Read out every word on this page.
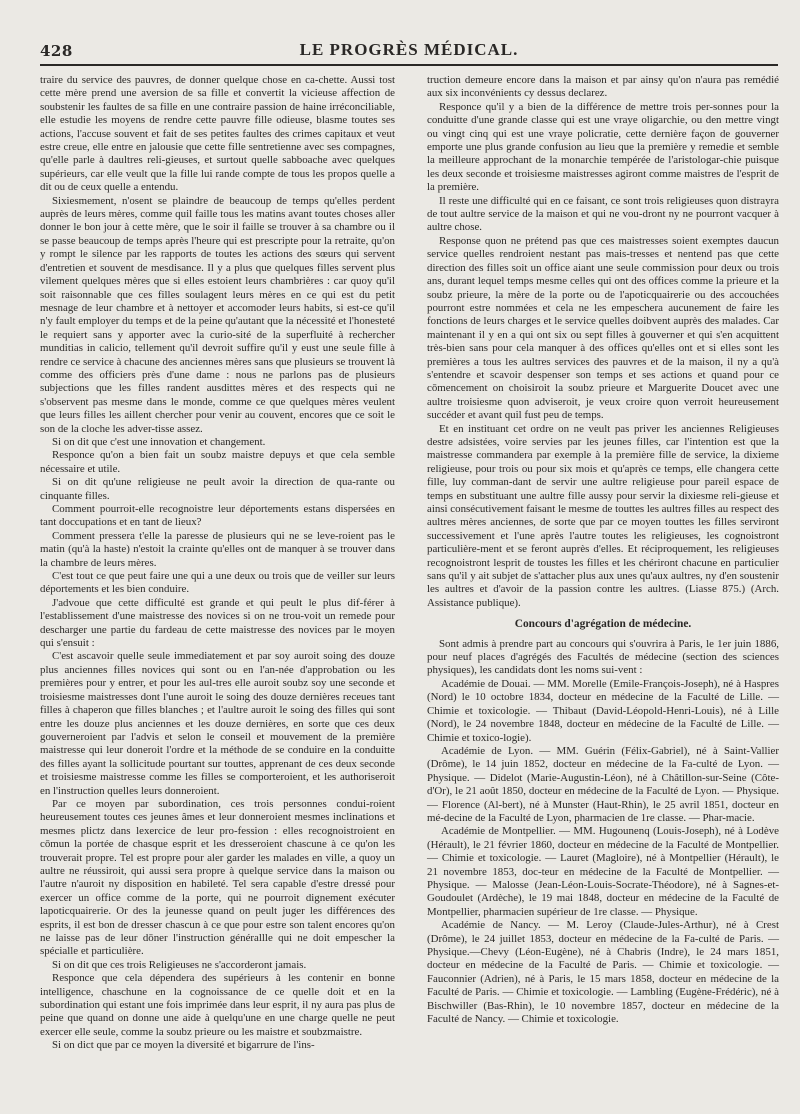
428	LE PROGRÈS MÉDICAL.

traire du service des pauvres, de donner quelque chose en ca-chette. Aussi tost cette mère prend une aversion de sa fille et convertit la vicieuse affection de soubstenir les faultes de sa fille en une contraire passion de haine irréconciliable, elle estudie les moyens de rendre cette pauvre fille odieuse, blasme toutes ses actions, l'accuse souvent et fait de ses petites faultes des crimes capitaux et veut estre creue, elle entre en jalousie que cette fille sentretienne avec ses compagnes, qu'elle parle à daultres reli-gieuses, et surtout quelle sabboache avec quelques supérieurs, car elle veult que la fille lui rande compte de tous les propos quelle a dit ou de ceux quelle a entendu.

Sixiesmement, n'osent se plaindre de beaucoup de temps qu'elles perdent auprès de leurs mères, comme quil faille tous les matins avant toutes choses aller donner le bon jour à cette mère, que le soir il faille se trouver à sa chambre ou il se passe beaucoup de temps après l'heure qui est prescripte pour la retraite, qu'on y rompt le silence par les rapports de toutes les actions des sœurs qui servent d'entretien et souvent de mesdisance. Il y a plus que quelques filles servent plus vilement quelques mères que si elles estoient leurs chambrières : car quoy qu'il soit raisonnable que ces filles soulagent leurs mères en ce qui est du petit mesnage de leur chambre et à nettoyer et accomoder leurs habits, si est-ce qu'il n'y fault employer du temps et de la peine qu'autant que la nécessité et l'honesteté le requiert sans y apporter avec la curio-sité de la superfluité à rechercher munditias in calicio, tellement qu'il devroit suffire qu'il y eust une seule fille à rendre ce service à chacune des anciennes mères sans que plusieurs se trouvent là comme des officiers près d'une dame : nous ne parlons pas de plusieurs subjections que les filles randent ausdittes mères et des respects qui ne s'observent pas mesme dans le monde, comme ce que quelques mères veulent que leurs filles les aillent chercher pour venir au couvent, encores que ce soit le son de la cloche les adver-tisse assez.

Si on dit que c'est une innovation et changement.

Responce qu'on a bien fait un soubz maistre depuys et que cela semble nécessaire et utile.

Si on dit qu'une religieuse ne peult avoir la direction de qua-rante ou cinquante filles.

Comment pourroit-elle recognoistre leur déportements estans dispersées en tant doccupations et en tant de lieux?

Comment pressera t'elle la paresse de plusieurs qui ne se leve-roient pas le matin (qu'à la haste) n'estoit la crainte qu'elles ont de manquer à se trouver dans la chambre de leurs mères.

C'est tout ce que peut faire une qui a une deux ou trois que de veiller sur leurs déportements et les bien conduire.

J'advoue que cette difficulté est grande et qui peult le plus dif-férer à l'establissement d'une maistresse des novices si on ne trou-voit un remede pour descharger une partie du fardeau de cette maistresse des novices par le moyen qui s'ensuit :

C'est ascavoir quelle seule immediatement et par soy auroit soing des douze plus anciennes filles novices qui sont ou en l'an-née d'approbation ou les premières pour y entrer, et pour les aul-tres elle auroit soubz soy une seconde et troisiesme maistresses dont l'une auroit le soing des douze dernières receues tant filles à chaperon que filles blanches ; et l'aultre auroit le soing des filles qui sont entre les douze plus anciennes et les douze dernières, en sorte que ces deux gouverneroient par l'advis et selon le conseil et mouvement de la première maistresse qui leur doneroit l'ordre et la méthode de se conduire en la conduitte des filles ayant la sollicitude pourtant sur touttes, apprenant de ces deux seconde et troisiesme maistresse comme les filles se comporteroient, et les authoriseroit en l'instruction quelles leurs donneroient.

Par ce moyen par subordination, ces trois personnes condui-roient heureusement toutes ces jeunes âmes et leur donneroient mesmes inclinations et mesmes plictz dans lexercice de leur pro-fession : elles recognoistroient en cōmun la portée de chasque esprit et les dresseroient chascune à ce qu'on les trouverait propre. Tel est propre pour aler garder les malades en ville, a quoy un aultre ne réussiroit, qui aussi sera propre à quelque service dans la maison ou l'autre n'auroit ny disposition en habileté. Tel sera capable d'estre dressé pour exercer un office comme de la porte, qui ne pourroit dignement exécuter lapoticquairerie. Or des la jeunesse quand on peult juger les différences des esprits, il est bon de dresser chascun à ce que pour estre son talent encores qu'on ne laisse pas de leur dōner l'instruction générallle qui ne doit empescher la spécialle et particulière.

Si on dit que ces trois Religieuses ne s'accorderont jamais.

Responce que cela dépendera des supérieurs à les contenir en bonne intelligence, chaschune en la cognoissance de ce quelle doit et en la subordination qui estant une fois imprimée dans leur esprit, il ny aura pas plus de peine que quand on donne une aide à quelqu'une en une charge quelle ne peut exercer elle seule, comme la soubz prieure ou les maistre et soubzmaistre.

Si on dict que par ce moyen la diversité et bigarrure de l'ins-

truction demeure encore dans la maison et par ainsy qu'on n'aura pas remédié aux six inconvénients cy dessus declarez.

Responce qu'il y a bien de la différence de mettre trois per-sonnes pour la conduitte d'une grande classe qui est une vraye oligarchie, ou den mettre vingt ou vingt cinq qui est une vraye policratie, cette dernière façon de gouverner emporte une plus grande confusion au lieu que la première y remedie et semble la meilleure approchant de la monarchie tempérée de l'aristologar-chie puisque les deux seconde et troisiesme maistresses agiront comme maistres de l'esprit de la première.

Il reste une difficulté qui en ce faisant, ce sont trois religieuses quon distrayra de tout aultre service de la maison et qui ne vou-dront ny ne pourront vacquer à aultre chose.

Response quon ne prétend pas que ces maistresses soient exemptes daucun service quelles rendroient nestant pas mais-tresses et nentend pas que cette direction des filles soit un office aiant une seule commission pour deux ou trois ans, durant lequel temps mesme celles qui ont des offices comme la prieure et la soubz prieure, la mère de la porte ou de l'apoticquairerie ou des accouchées pourront estre nommées et cela ne les empeschera aucunement de faire les fonctions de leurs charges et le service quelles doibvent auprès des malades. Car maintenant il y en a qui ont six ou sept filles à gouverner et qui s'en acquittent très-bien sans pour cela manquer à des offices qu'elles ont et si elles sont les premières a tous les aultres services des pauvres et de la maison, il ny a qu'à s'entendre et scavoir despenser son temps et ses actions et quand pour ce cōmencement on choisiroit la soubz prieure et Marguerite Doucet avec une aultre troisiesme quon adviseroit, je veux croire quon verroit heureusement succéder et avant quil fust peu de temps.

Et en instituant cet ordre on ne veult pas priver les anciennes Religieuses destre adsistées, voire servies par les jeunes filles, car l'intention est que la maistresse commandera par exemple à la première fille de service, la dixieme religieuse, pour trois ou pour six mois et qu'après ce temps, elle changera cette fille, luy comman-dant de servir une aultre religieuse pour pareil espace de temps en substituant une aultre fille aussy pour servir la dixiesme reli-gieuse et ainsi consécutivement faisant le mesme de touttes les aultres filles au respect des aultres mères anciennes, de sorte que par ce moyen touttes les filles serviront successivement et l'une après l'autre toutes les religieuses, les cognoistront particulière-ment et se feront auprès d'elles. Et réciproquement, les religieuses recognoistront lesprit de toustes les filles et les chériront chacune en particulier sans qu'il y ait subjet de s'attacher plus aux unes qu'aux aultres, ny d'en soustenir les aultres et d'avoir de la passion contre les aultres. (Liasse 875.) (Arch. Assistance publique).

Concours d'agrégation de médecine.

Sont admis à prendre part au concours qui s'ouvrira à Paris, le 1er juin 1886, pour neuf places d'agrégés des Facultés de médecine (section des sciences physiques), les candidats dont les noms sui-vent :

Académie de Douai. — MM. Morelle (Emile-François-Joseph), né à Haspres (Nord) le 10 octobre 1834, docteur en médecine de la Faculté de Lille. — Chimie et toxicologie. — Thibaut (David-Léopold-Henri-Louis), né à Lille (Nord), le 24 novembre 1848, docteur en médecine de la Faculté de Lille. — Chimie et toxico-logie).

Académie de Lyon. — MM. Guérin (Félix-Gabriel), né à Saint-Vallier (Drôme), le 14 juin 1852, docteur en médecine de la Fa-culté de Lyon. — Physique. — Didelot (Marie-Augustin-Léon), né à Châtillon-sur-Seine (Côte-d'Or), le 21 août 1850, docteur en médecine de la Faculté de Lyon. — Physique. — Florence (Al-bert), né à Munster (Haut-Rhin), le 25 avril 1851, docteur en mé-decine de la Faculté de Lyon, pharmacien de 1re classe. — Phar-macie.

Académie de Montpellier. — MM. Hugounenq (Louis-Joseph), né à Lodève (Hérault), le 21 février 1860, docteur en médecine de la Faculté de Montpellier. — Chimie et toxicologie. — Lauret (Magloire), né à Montpellier (Hérault), le 21 novembre 1853, doc-teur en médecine de la Faculté de Montpellier. — Physique. — Malosse (Jean-Léon-Louis-Socrate-Théodore), né à Sagnes-et-Goudoulet (Ardèche), le 19 mai 1848, docteur en médecine de la Faculté de Montpellier, pharmacien supérieur de 1re classe. — Physique.

Académie de Nancy. — M. Leroy (Claude-Jules-Arthur), né à Crest (Drôme), le 24 juillet 1853, docteur en médecine de la Fa-culté de Paris. — Physique.—Chevy (Léon-Eugène), né à Chabris (Indre), le 24 mars 1851, docteur en médecine de la Faculté de Paris. — Chimie et toxicologie. — Fauconnier (Adrien), né à Paris, le 15 mars 1858, docteur en médecine de la Faculté de Paris. — Chimie et toxicologie. — Lambling (Eugène-Frédéric), né à Bischwiller (Bas-Rhin), le 10 novembre 1857, docteur en médecine de la Faculté de Nancy. — Chimie et toxicologie.
